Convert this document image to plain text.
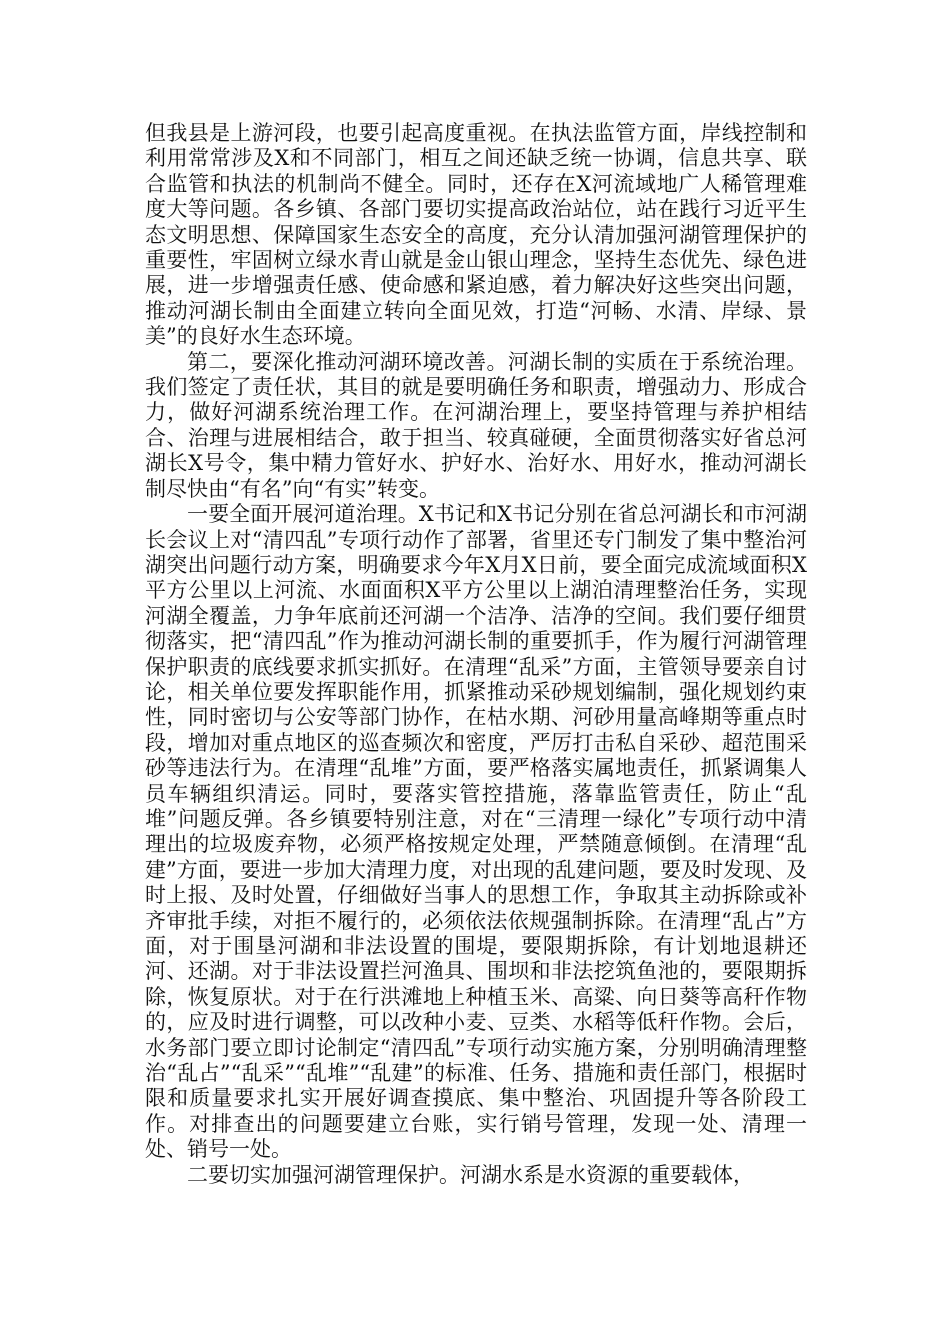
但我县是上游河段，也要引起高度重视。在执法监管方面，岸线控制和利用常常涉及X和不同部门，相互之间还缺乏统一协调，信息共享、联合监管和执法的机制尚不健全。同时，还存在X河流域地广人稀管理难度大等问题。各乡镇、各部门要切实提高政治站位，站在践行习近平生态文明思想、保障国家生态安全的高度，充分认清加强河湖管理保护的重要性，牢固树立绿水青山就是金山银山理念，坚持生态优先、绿色进展，进一步增强责任感、使命感和紧迫感，着力解决好这些突出问题，推动河湖长制由全面建立转向全面见效，打造“河畅、水清、岸绿、景美”的良好水生态环境。

第二，要深化推动河湖环境改善。河湖长制的实质在于系统治理。我们签定了责任状，其目的就是要明确任务和职责，增强动力、形成合力，做好河湖系统治理工作。在河湖治理上，要坚持管理与养护相结合、治理与进展相结合，敢于担当、较真碰硬，全面贯彻落实好省总河湖长X号令，集中精力管好水、护好水、治好水、用好水，推动河湖长制尽快由“有名”向“有实”转变。

一要全面开展河道治理。X书记和X书记分别在省总河湖长和市河湖长会议上对“清四乱”专项行动作了部署，省里还专门制发了集中整治河湖突出问题行动方案，明确要求今年X月X日前，要全面完成流域面积X平方公里以上河流、水面面积X平方公里以上湖泊清理整治任务，实现河湖全覆盖，力争年底前还河湖一个洁净、洁净的空间。我们要仔细贯彻落实，把“清四乱”作为推动河湖长制的重要抓手，作为履行河湖管理保护职责的底线要求抓实抓好。在清理“乱采”方面，主管领导要亲自讨论，相关单位要发挥职能作用，抓紧推动采砂规划编制，强化规划约束性，同时密切与公安等部门协作，在枯水期、河砂用量高峰期等重点时段，增加对重点地区的巡查频次和密度，严厉打击私自采砂、超范围采砂等违法行为。在清理“乱堆”方面，要严格落实属地责任，抓紧调集人员车辆组织清运。同时，要落实管控措施，落靠监管责任，防止“乱堆”问题反弹。各乡镇要特别注意，对在“三清理一绿化”专项行动中清理出的垃圾废弃物，必须严格按规定处理，严禁随意倾倒。在清理“乱建”方面，要进一步加大清理力度，对出现的乱建问题，要及时发现、及时上报、及时处置，仔细做好当事人的思想工作，争取其主动拆除或补齐审批手续，对拒不履行的，必须依法依规强制拆除。在清理“乱占”方面，对于围垦河湖和非法设置的围堤，要限期拆除，有计划地退耕还河、还湖。对于非法设置拦河渔具、围坝和非法挖筑鱼池的，要限期拆除，恢复原状。对于在行洪滩地上种植玉米、高粱、向日葵等高秆作物的，应及时进行调整，可以改种小麦、豆类、水稻等低秆作物。会后，水务部门要立即讨论制定“清四乱”专项行动实施方案，分别明确清理整治“乱占”“乱采”“乱堆”“乱建”的标准、任务、措施和责任部门，根据时限和质量要求扎实开展好调查摸底、集中整治、巩固提升等各阶段工作。对排查出的问题要建立台账，实行销号管理，发现一处、清理一处、销号一处。

二要切实加强河湖管理保护。河湖水系是水资源的重要载体，
